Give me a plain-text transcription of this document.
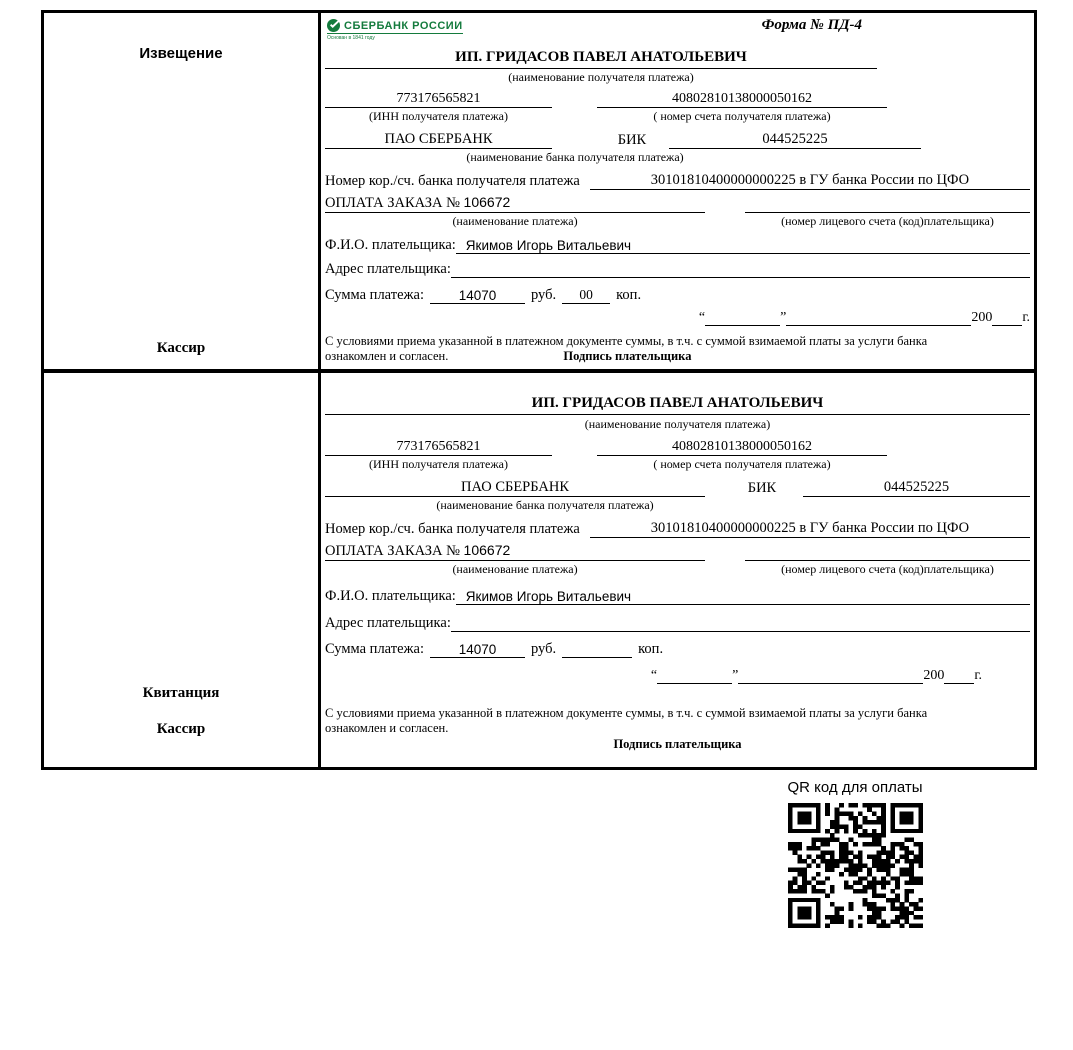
Извещение
Кассир
СБЕРБАНК РОССИИ
Основан в 1841 году
Форма № ПД-4
ИП. ГРИДАСОВ ПАВЕЛ АНАТОЛЬЕВИЧ
(наименование получателя платежа)
773176565821	40802810138000050162
(ИНН получателя платежа)	( номер счета получателя платежа)
ПАО СБЕРБАНК	БИК	044525225
(наименование банка получателя платежа)
Номер кор./сч. банка получателя платежа	30101810400000000225 в ГУ банка России по ЦФО
ОПЛАТА ЗАКАЗА № 106672
(наименование платежа)	(номер лицевого счета (код)плательщика)
Ф.И.О. плательщика: Якимов Игорь Витальевич
Адрес плательщика:
Сумма платежа:	14070	руб.	00	коп.
“	”	200 г.
С условиями приема указанной в платежном документе суммы, в т.ч. с суммой взимаемой платы за услуги банка
ознакомлен и согласен.	Подпись плательщика
Квитанция
Кассир
ИП. ГРИДАСОВ ПАВЕЛ АНАТОЛЬЕВИЧ
(наименование получателя платежа)
773176565821	40802810138000050162
(ИНН получателя платежа)	( номер счета получателя платежа)
ПАО СБЕРБАНК	БИК	044525225
(наименование банка получателя платежа)
Номер кор./сч. банка получателя платежа	30101810400000000225 в ГУ банка России по ЦФО
ОПЛАТА ЗАКАЗА № 106672
(наименование платежа)	(номер лицевого счета (код)плательщика)
Ф.И.О. плательщика: Якимов Игорь Витальевич
Адрес плательщика:
Сумма платежа:	14070	руб.	коп.
“	”	200 г.
С условиями приема указанной в платежном документе суммы, в т.ч. с суммой взимаемой платы за услуги банка
ознакомлен и согласен.
Подпись плательщика
QR код для оплаты
